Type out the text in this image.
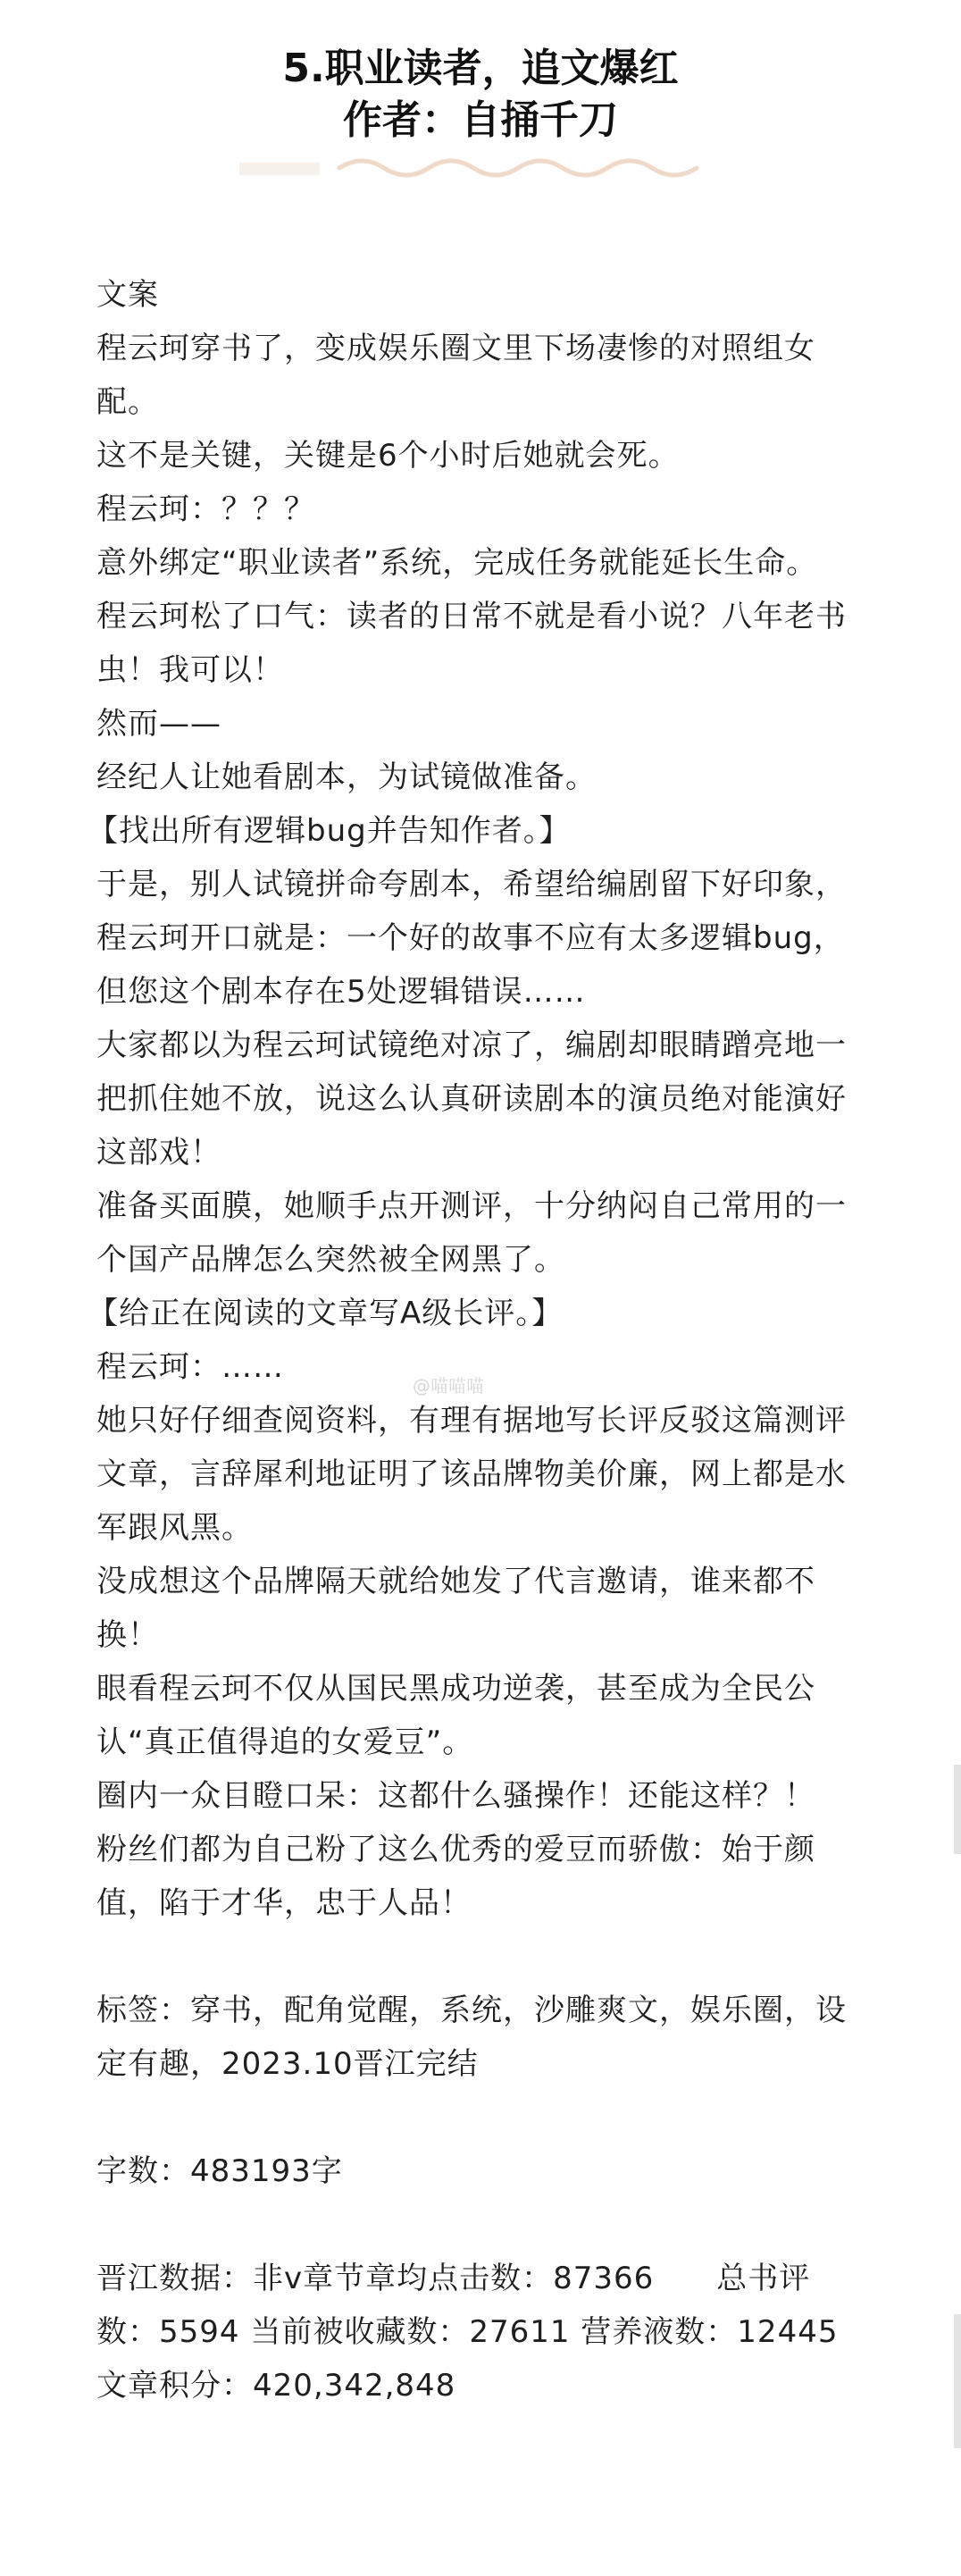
5.职业读者，追文爆红
作者：自捅千刀

文案

程云珂穿书了，变成娱乐圈文里下场凄惨的对照组女配。

这不是关键，关键是6个小时后她就会死。

程云珂：？？？

意外绑定“职业读者”系统，完成任务就能延长生命。

程云珂松了口气：读者的日常不就是看小说？八年老书虫！我可以！

然而——

经纪人让她看剧本，为试镜做准备。

【找出所有逻辑bug并告知作者。】

于是，别人试镜拼命夸剧本，希望给编剧留下好印象，程云珂开口就是：一个好的故事不应有太多逻辑bug，但您这个剧本存在5处逻辑错误……

大家都以为程云珂试镜绝对凉了，编剧却眼睛蹭亮地一把抓住她不放，说这么认真研读剧本的演员绝对能演好这部戏！

准备买面膜，她顺手点开测评，十分纳闷自己常用的一个国产品牌怎么突然被全网黑了。

【给正在阅读的文章写A级长评。】

程云珂：……

她只好仔细查阅资料，有理有据地写长评反驳这篇测评文章，言辞犀利地证明了该品牌物美价廉，网上都是水军跟风黑。

没成想这个品牌隔天就给她发了代言邀请，谁来都不换！

眼看程云珂不仅从国民黑成功逆袭，甚至成为全民公认“真正值得追的女爱豆”。

圈内一众目瞪口呆：这都什么骚操作！还能这样？！

粉丝们都为自己粉了这么优秀的爱豆而骄傲：始于颜值，陷于才华，忠于人品！

标签：穿书，配角觉醒，系统，沙雕爽文，娱乐圈，设定有趣，2023.10晋江完结

字数：483193字

晋江数据：非v章节章均点击数：87366　　总书评数：5594 当前被收藏数：27611 营养液数：12445 文章积分：420,342,848

@喵喵喵
